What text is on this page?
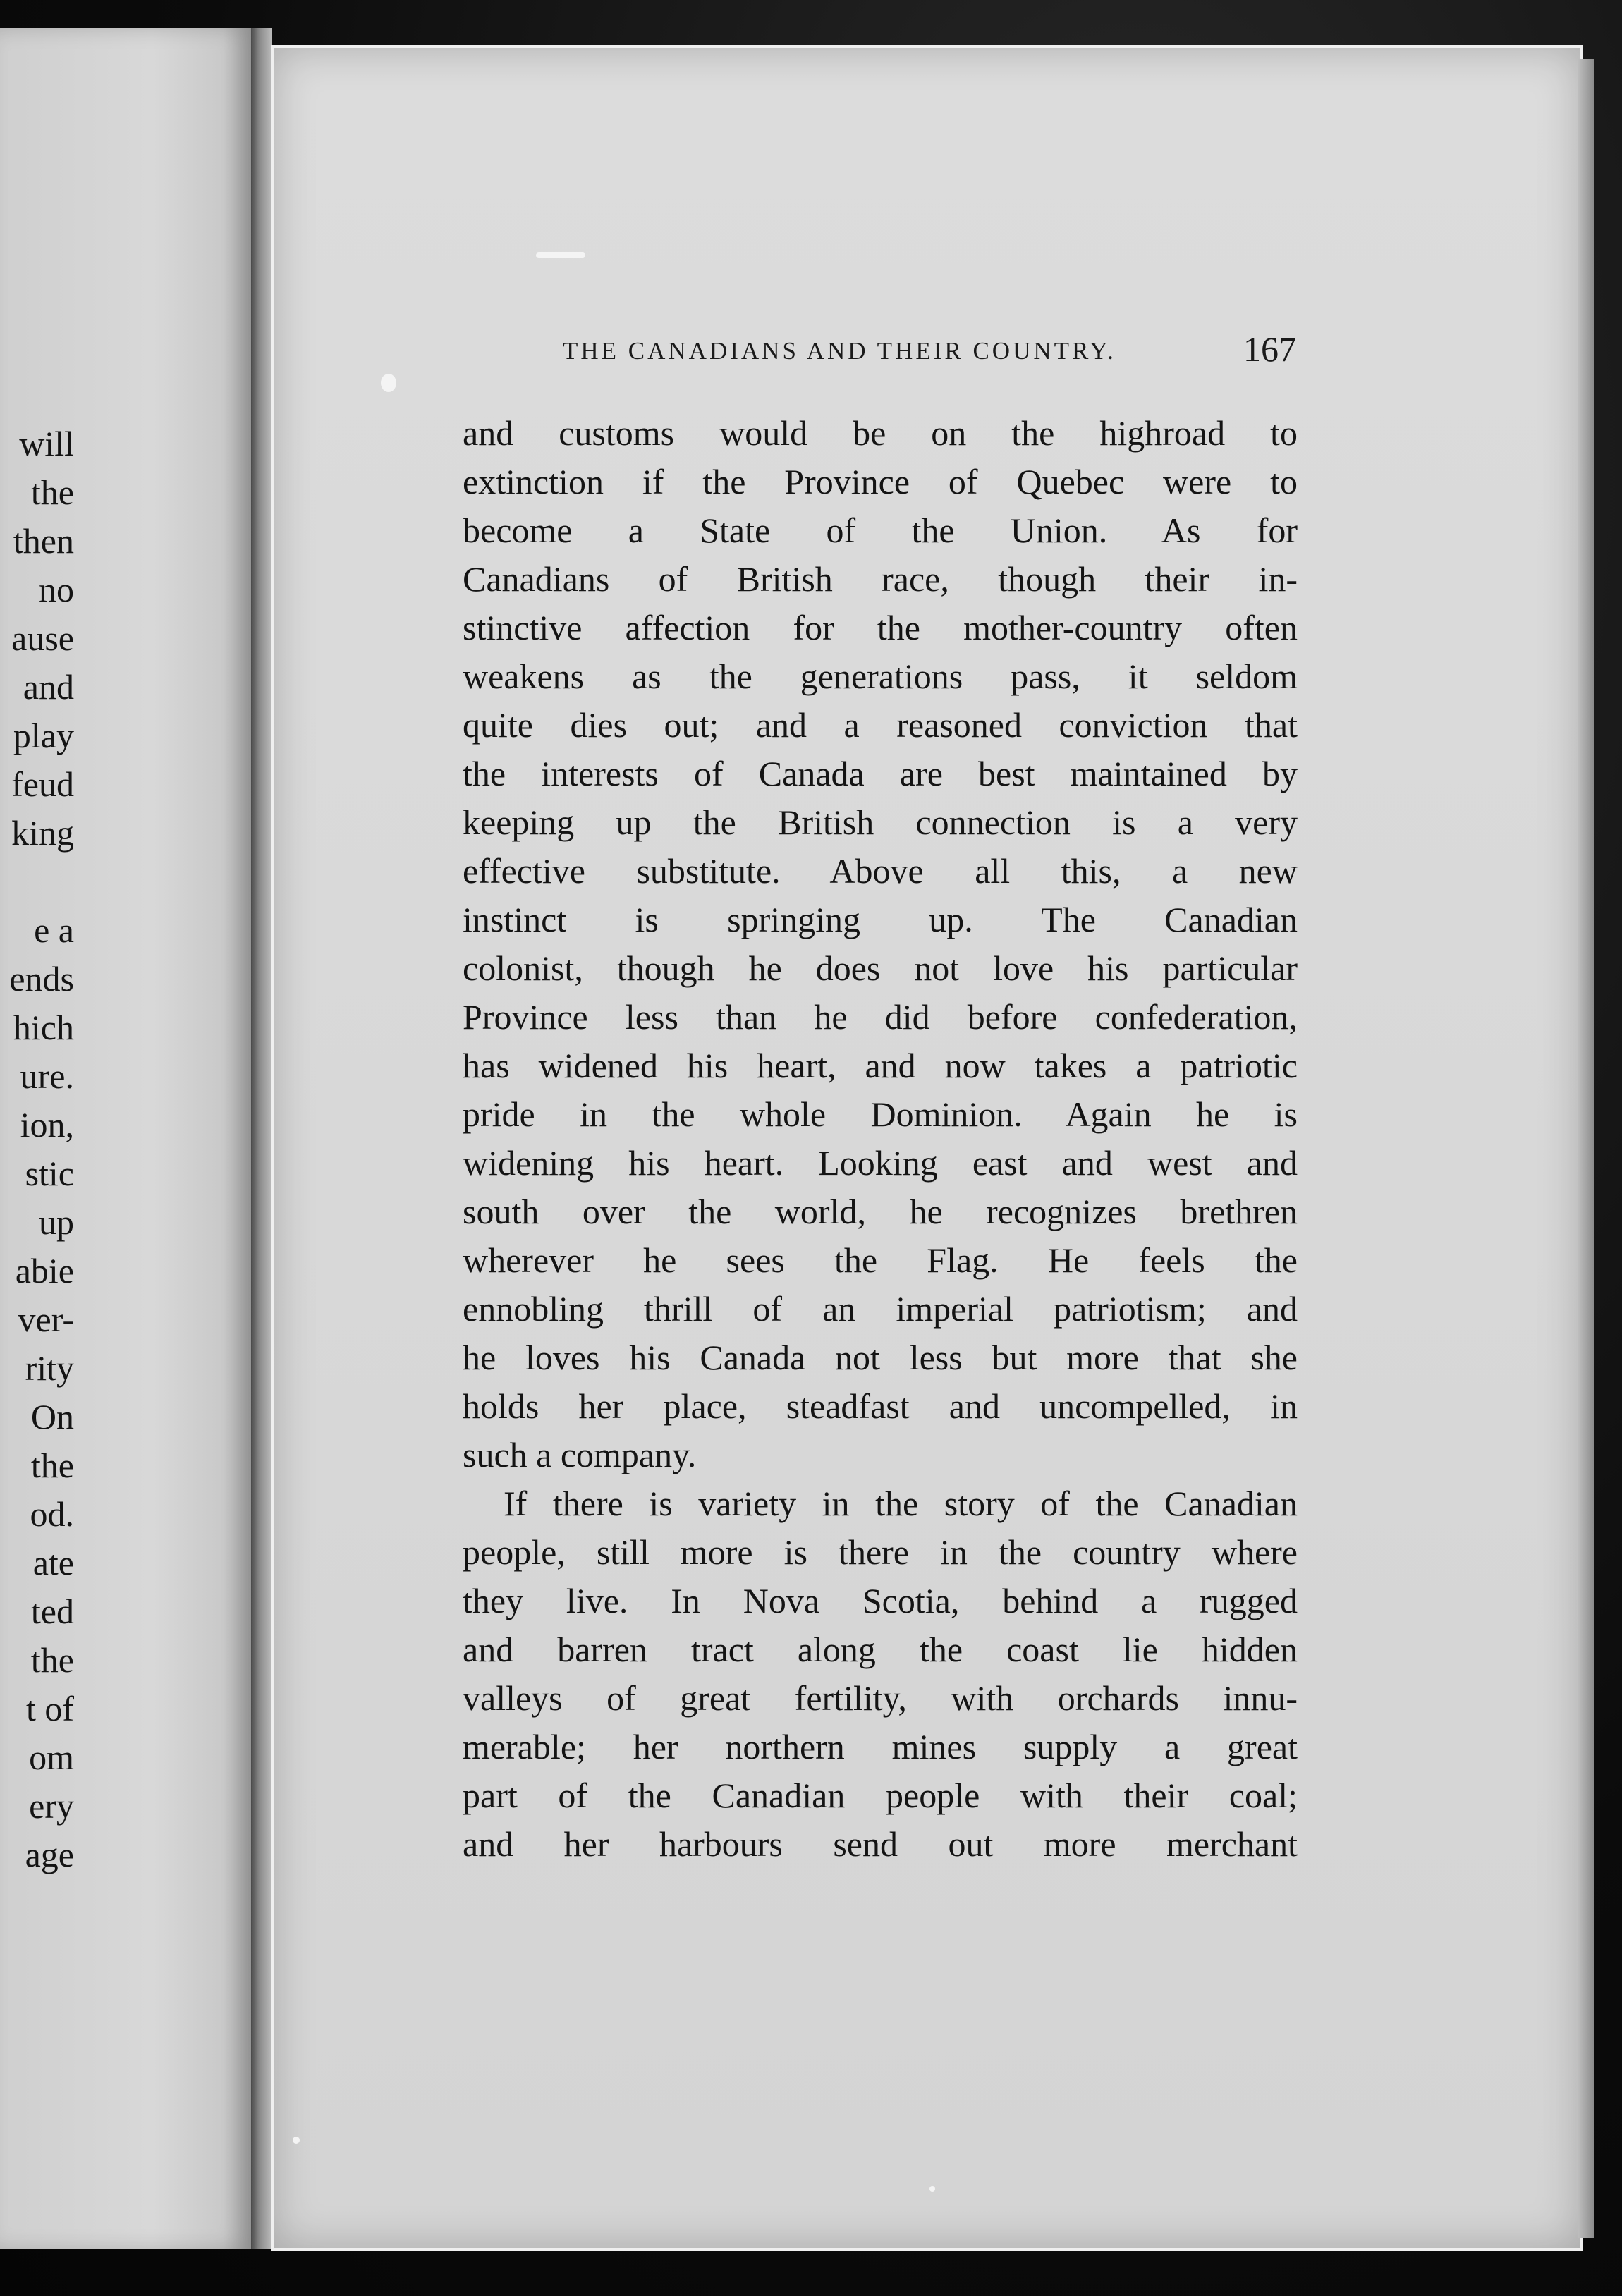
will
the
then
no
ause
and
play
feud
king
e a
ends
hich
ure.
ion,
stic
up
abie
ver-
rity
On
the
od.
ate
ted
the
t of
om
ery
age
THE CANADIANS AND THEIR COUNTRY.	167
and customs would be on the highroad to
extinction if the Province of Quebec were to
become a State of the Union. As for
Canadians of British race, though their in-
stinctive affection for the mother-country often
weakens as the generations pass, it seldom
quite dies out; and a reasoned conviction that
the interests of Canada are best maintained by
keeping up the British connection is a very
effective substitute. Above all this, a new
instinct is springing up. The Canadian
colonist, though he does not love his particular
Province less than he did before confederation,
has widened his heart, and now takes a patriotic
pride in the whole Dominion. Again he is
widening his heart. Looking east and west and
south over the world, he recognizes brethren
wherever he sees the Flag. He feels the
ennobling thrill of an imperial patriotism; and
he loves his Canada not less but more that she
holds her place, steadfast and uncompelled, in
such a company.
If there is variety in the story of the Canadian
people, still more is there in the country where
they live. In Nova Scotia, behind a rugged
and barren tract along the coast lie hidden
valleys of great fertility, with orchards innu-
merable; her northern mines supply a great
part of the Canadian people with their coal;
and her harbours send out more merchant
